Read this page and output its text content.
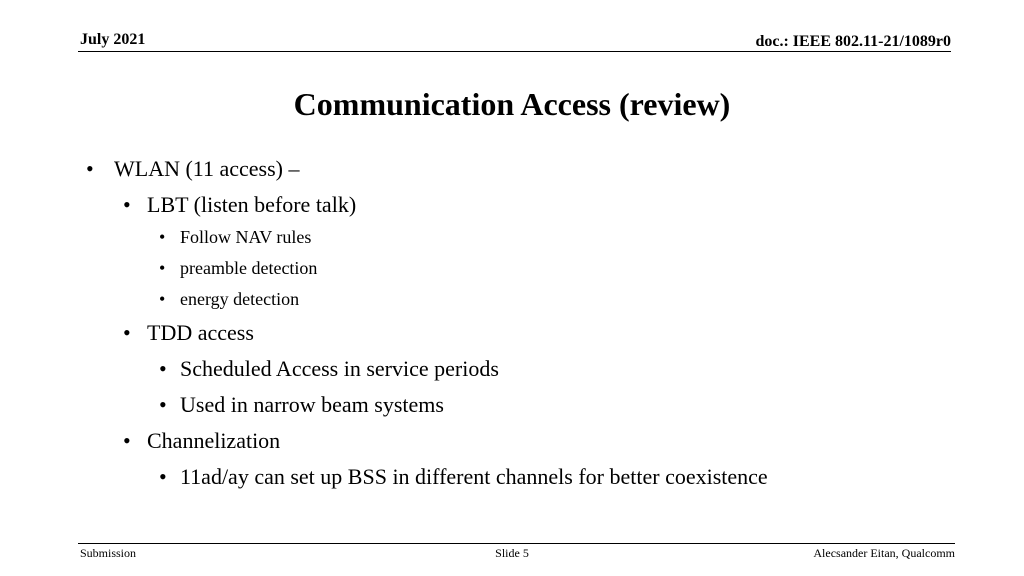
July 2021	doc.: IEEE 802.11-21/1089r0
Communication Access (review)
• WLAN (11 access) –
• LBT (listen before talk)
• Follow NAV rules
• preamble detection
• energy detection
• TDD access
• Scheduled Access in service periods
• Used in narrow beam systems
• Channelization
• 11ad/ay can set up BSS in different channels for better coexistence
Submission	Slide 5	Alecsander Eitan, Qualcomm
